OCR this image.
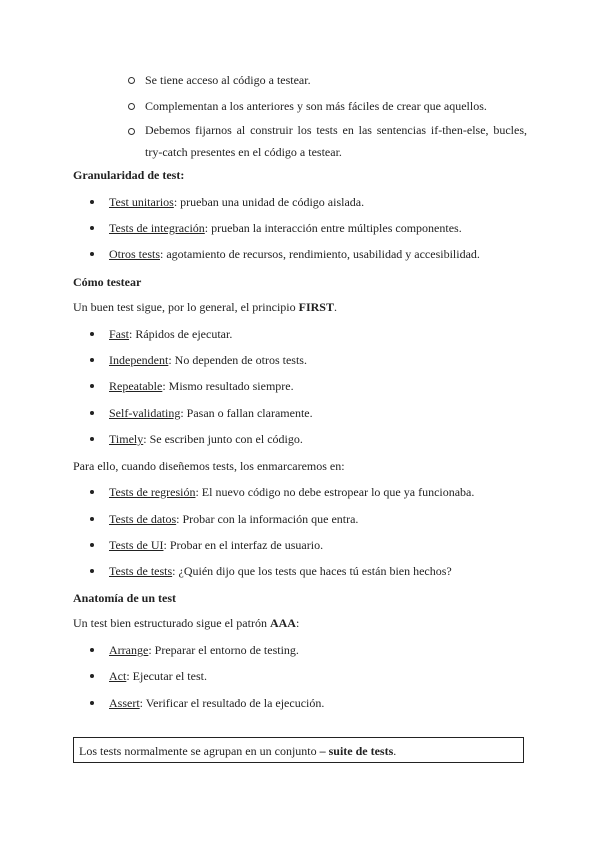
Se tiene acceso al código a testear.
Complementan a los anteriores y son más fáciles de crear que aquellos.
Debemos fijarnos al construir los tests en las sentencias if-then-else, bucles, try-catch presentes en el código a testear.
Granularidad de test:
Test unitarios: prueban una unidad de código aislada.
Tests de integración: prueban la interacción entre múltiples componentes.
Otros tests: agotamiento de recursos, rendimiento, usabilidad y accesibilidad.
Cómo testear
Un buen test sigue, por lo general, el principio FIRST.
Fast: Rápidos de ejecutar.
Independent: No dependen de otros tests.
Repeatable: Mismo resultado siempre.
Self-validating: Pasan o fallan claramente.
Timely: Se escriben junto con el código.
Para ello, cuando diseñemos tests, los enmarcaremos en:
Tests de regresión: El nuevo código no debe estropear lo que ya funcionaba.
Tests de datos: Probar con la información que entra.
Tests de UI: Probar en el interfaz de usuario.
Tests de tests: ¿Quién dijo que los tests que haces tú están bien hechos?
Anatomía de un test
Un test bien estructurado sigue el patrón AAA:
Arrange: Preparar el entorno de testing.
Act: Ejecutar el test.
Assert: Verificar el resultado de la ejecución.
Los tests normalmente se agrupan en un conjunto – suite de tests.
